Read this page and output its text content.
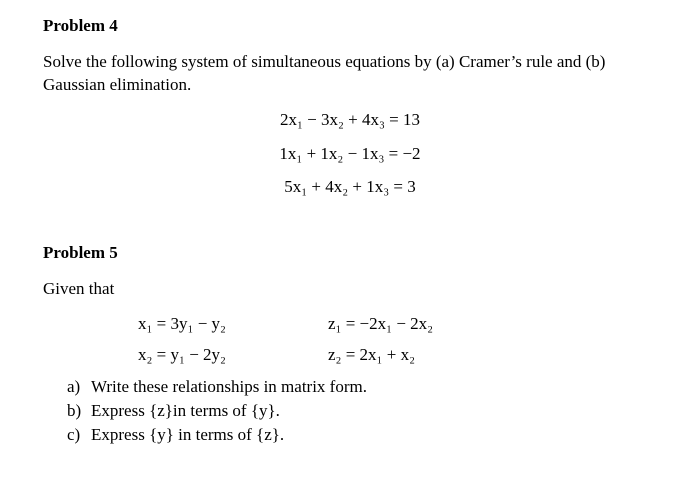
Problem 4
Solve the following system of simultaneous equations by (a) Cramer’s rule and (b)
Gaussian elimination.
2x₁ − 3x₂ + 4x₃ = 13
1x₁ + 1x₂ − 1x₃ = −2
5x₁ + 4x₂ + 1x₃ = 3
Problem 5
Given that
x₁ = 3y₁ − y₂
x₂ = y₁ − 2y₂
z₁ = −2x₁ − 2x₂
z₂ = 2x₁ + x₂
a) Write these relationships in matrix form.
b) Express {z}in terms of {y}.
c) Express {y} in terms of {z}.
